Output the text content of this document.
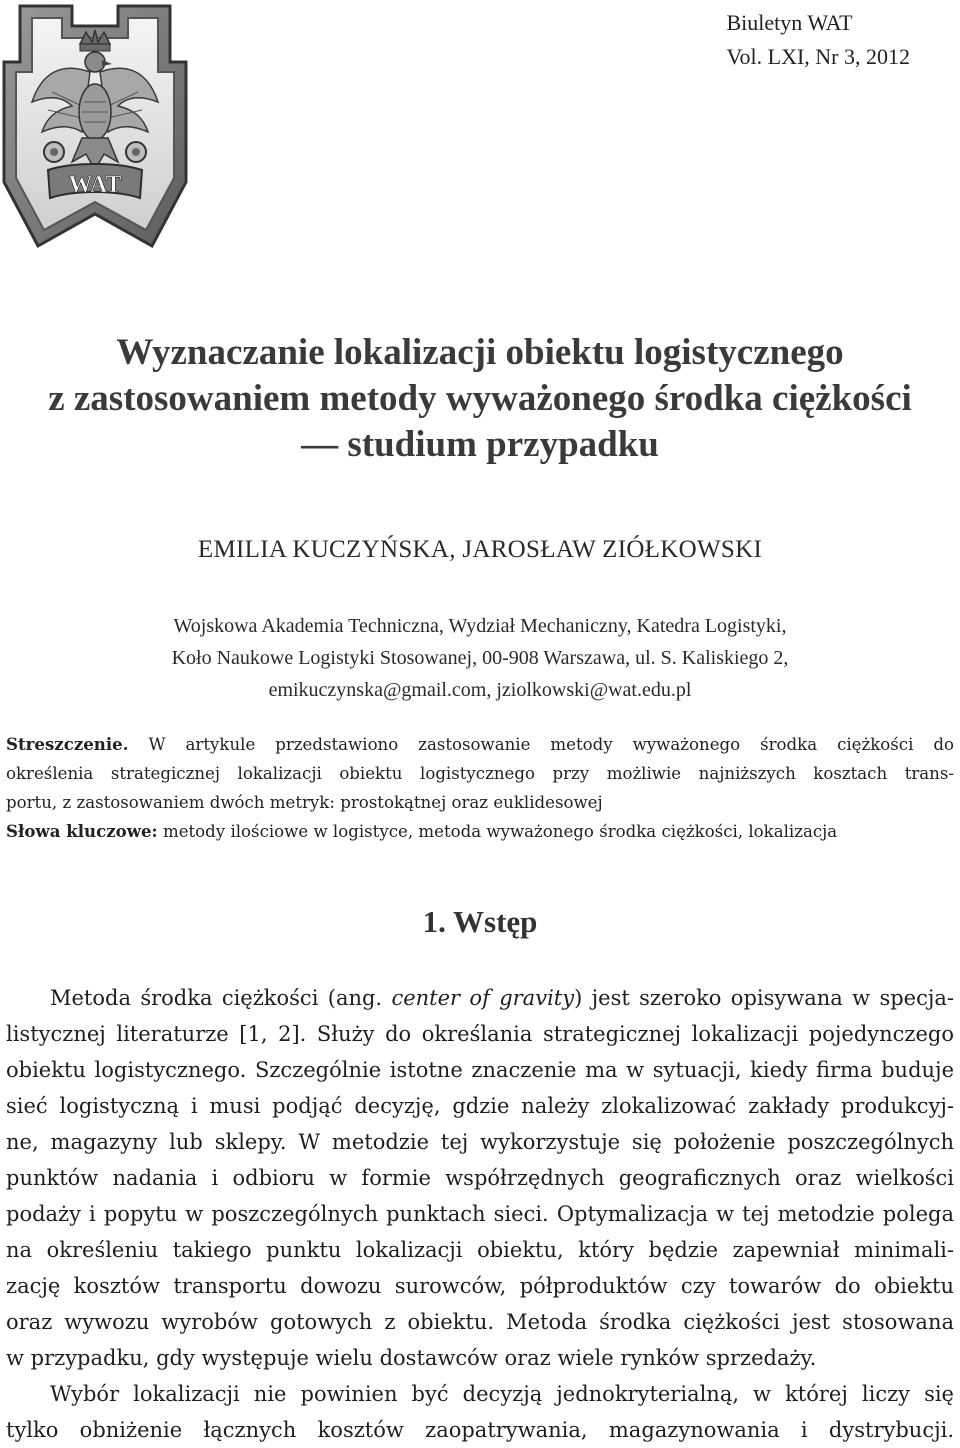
WAT
Biuletyn WAT
Vol. LXI, Nr 3, 2012
Wyznaczanie lokalizacji obiektu logistycznego
z zastosowaniem metody wyważonego środka ciężkości
— studium przypadku
EMILIA KUCZYŃSKA, JAROSŁAW ZIÓŁKOWSKI
Wojskowa Akademia Techniczna, Wydział Mechaniczny, Katedra Logistyki,
Koło Naukowe Logistyki Stosowanej, 00-908 Warszawa, ul. S. Kaliskiego 2,
emikuczynska@gmail.com, jziolkowski@wat.edu.pl
Streszczenie. W artykule przedstawiono zastosowanie metody wyważonego środka ciężkości do
określenia strategicznej lokalizacji obiektu logistycznego przy możliwie najniższych kosztach trans-
portu, z zastosowaniem dwóch metryk: prostokątnej oraz euklidesowej
Słowa kluczowe: metody ilościowe w logistyce, metoda wyważonego środka ciężkości, lokalizacja
1. Wstęp
Metoda środka ciężkości (ang. center of gravity) jest szeroko opisywana w specja-
listycznej literaturze [1, 2]. Służy do określania strategicznej lokalizacji pojedynczego
obiektu logistycznego. Szczególnie istotne znaczenie ma w sytuacji, kiedy firma buduje
sieć logistyczną i musi podjąć decyzję, gdzie należy zlokalizować zakłady produkcyj-
ne, magazyny lub sklepy. W metodzie tej wykorzystuje się położenie poszczególnych
punktów nadania i odbioru w formie współrzędnych geograficznych oraz wielkości
podaży i popytu w poszczególnych punktach sieci. Optymalizacja w tej metodzie polega
na określeniu takiego punktu lokalizacji obiektu, który będzie zapewniał minimali-
zację kosztów transportu dowozu surowców, półproduktów czy towarów do obiektu
oraz wywozu wyrobów gotowych z obiektu. Metoda środka ciężkości jest stosowana
w przypadku, gdy występuje wielu dostawców oraz wiele rynków sprzedaży.
Wybór lokalizacji nie powinien być decyzją jednokryterialną, w której liczy się
tylko obniżenie łącznych kosztów zaopatrywania, magazynowania i dystrybucji.
